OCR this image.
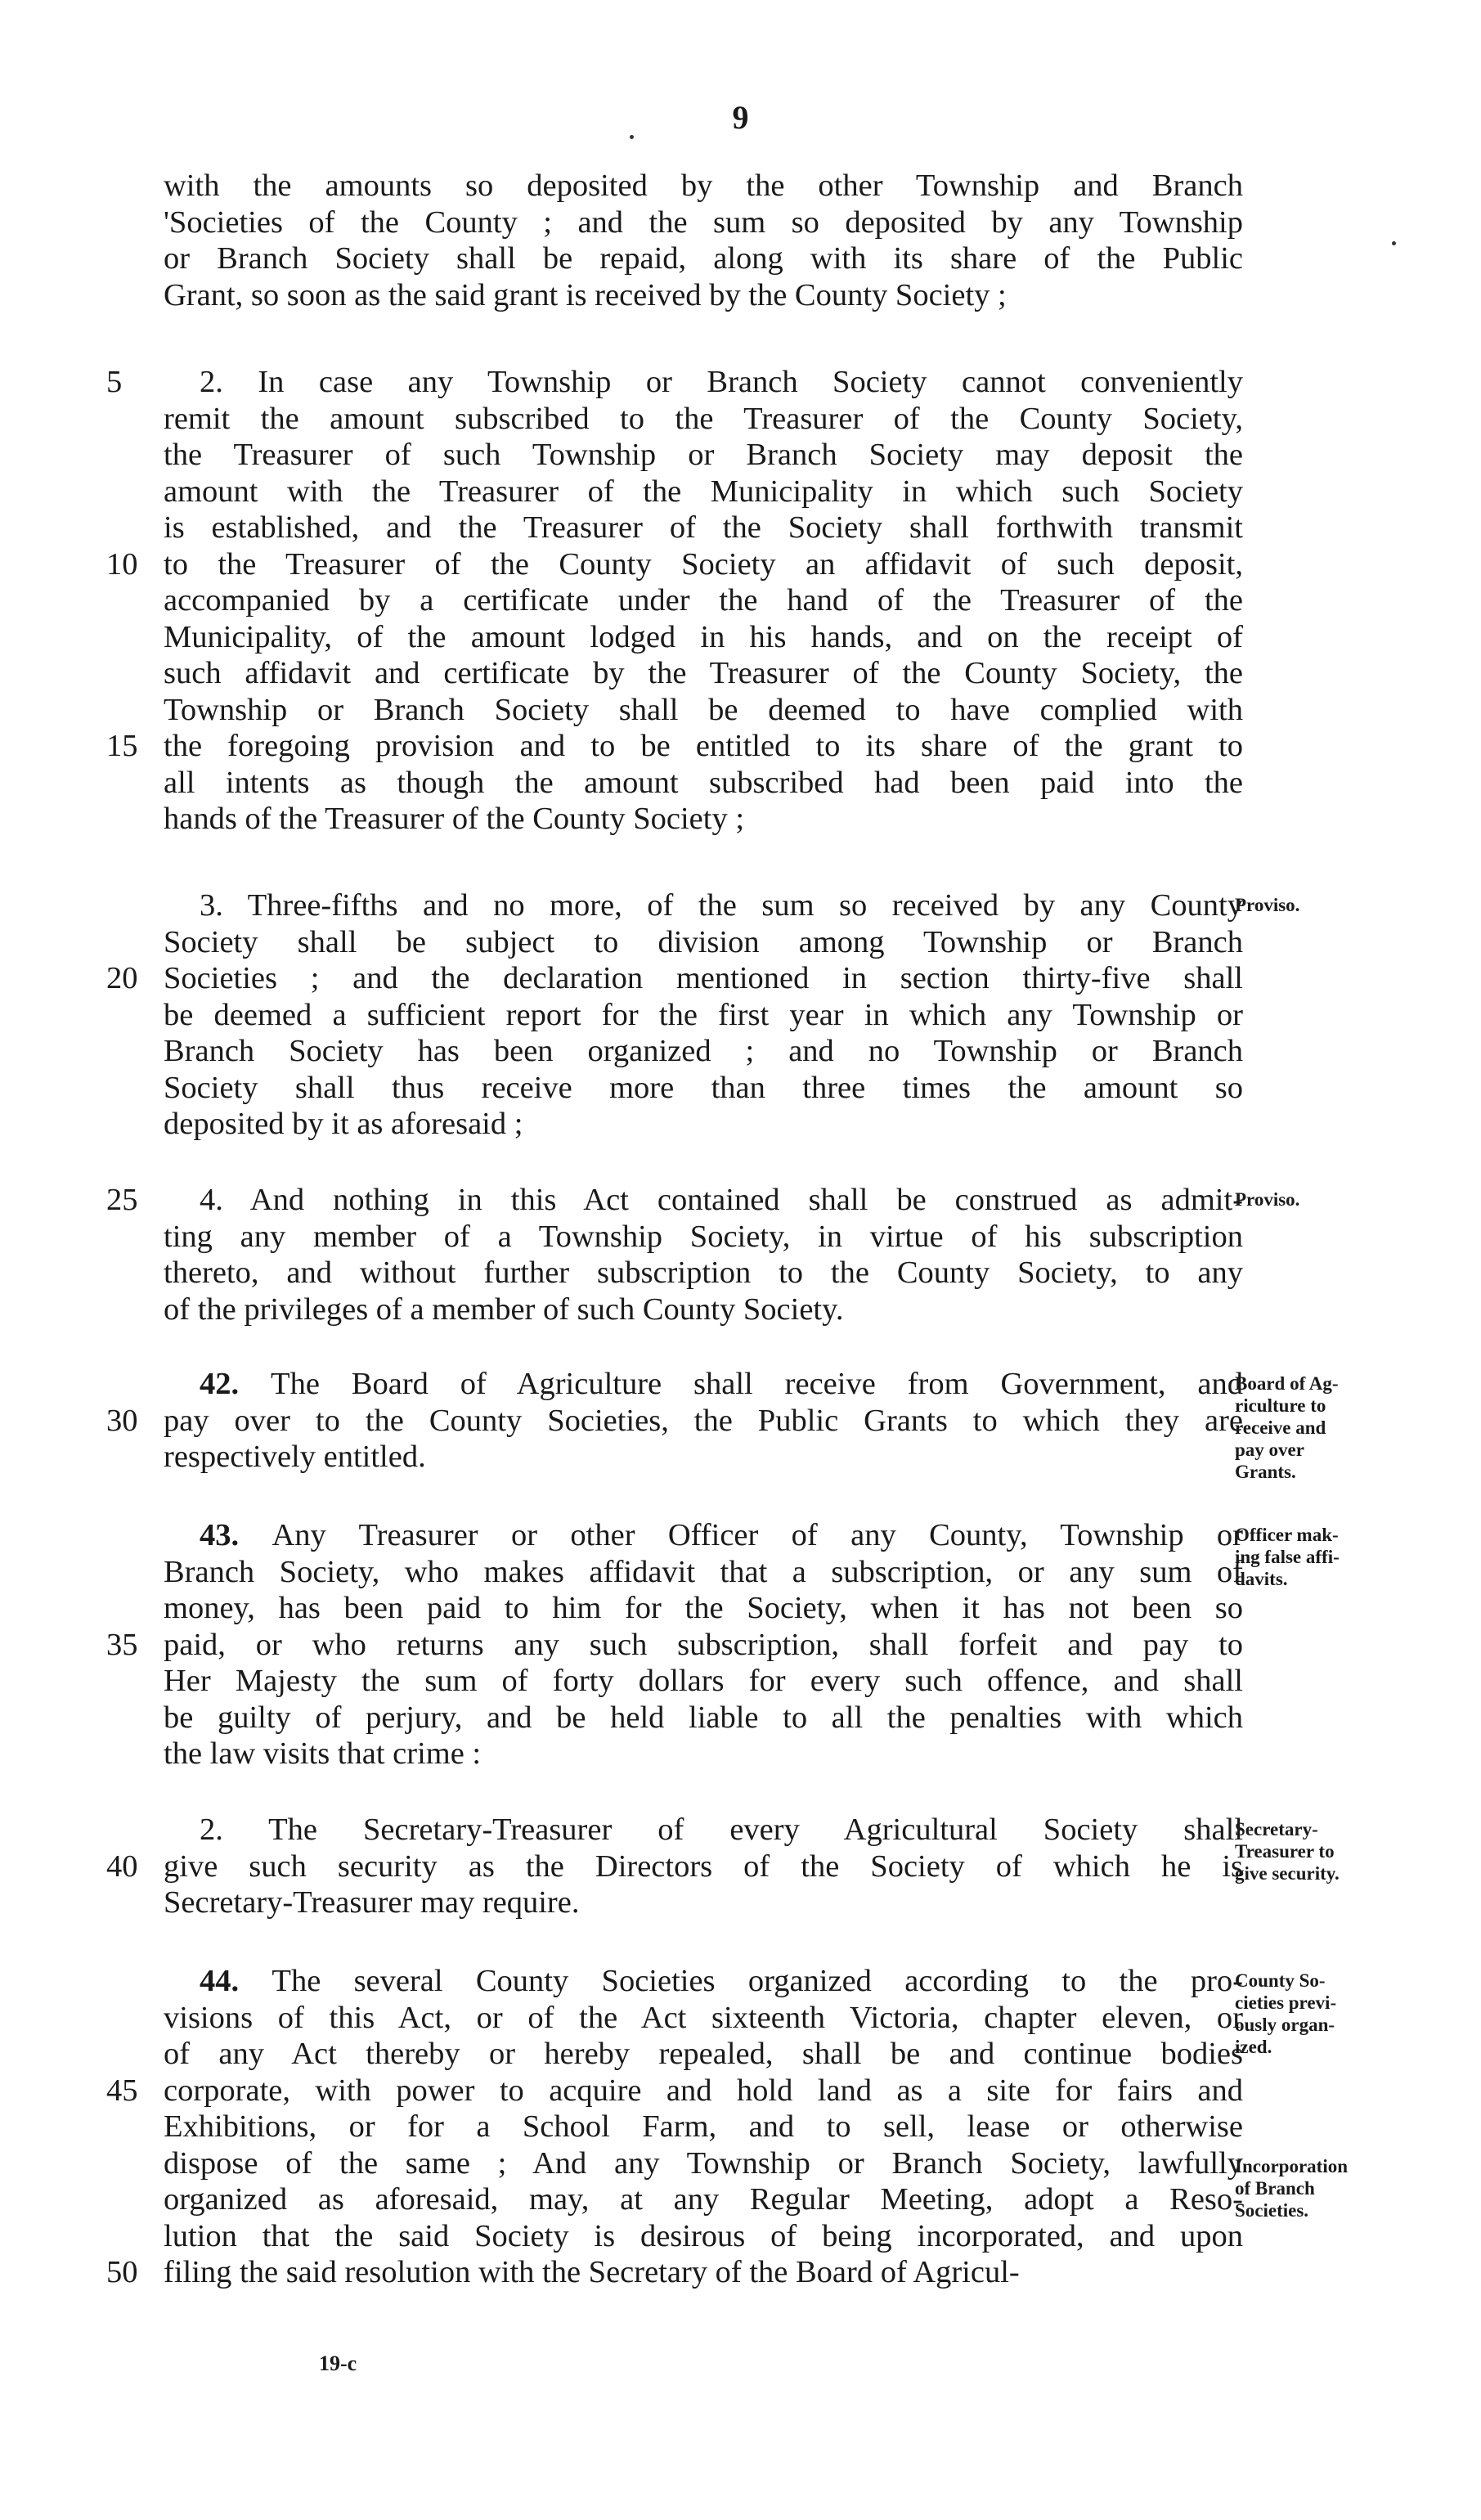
9
with the amounts so deposited by the other Township and Branch
'Societies of the County ; and the sum so deposited by any Township
or Branch Society shall be repaid, along with its share of the Public
Grant, so soon as the said grant is received by the County Society ;
5	2. In case any Township or Branch Society cannot conveniently
remit the amount subscribed to the Treasurer of the County Society,
the Treasurer of such Township or Branch Society may deposit the
amount with the Treasurer of the Municipality in which such Society
is established, and the Treasurer of the Society shall forthwith transmit
10 to the Treasurer of the County Society an affidavit of such deposit,
accompanied by a certificate under the hand of the Treasurer of the
Municipality, of the amount lodged in his hands, and on the receipt of
such affidavit and certificate by the Treasurer of the County Society, the
Township or Branch Society shall be deemed to have complied with
15 the foregoing provision and to be entitled to its share of the grant to
all intents as though the amount subscribed had been paid into the
hands of the Treasurer of the County Society ;
3. Three-fifths and no more, of the sum so received by any County
Society shall be subject to division among Township or Branch
20 Societies ; and the declaration mentioned in section thirty-five shall
be deemed a sufficient report for the first year in which any Township or
Branch Society has been organized ; and no Township or Branch
Society shall thus receive more than three times the amount so
deposited by it as aforesaid ;
Proviso.
25	4. And nothing in this Act contained shall be construed as admit-
ting any member of a Township Society, in virtue of his subscription
thereto, and without further subscription to the County Society, to any
of the privileges of a member of such County Society.
Proviso.
42. The Board of Agriculture shall receive from Government, and
30 pay over to the County Societies, the Public Grants to which they are
respectively entitled.
Board of Ag-
riculture to
receive and
pay over
Grants.
43. Any Treasurer or other Officer of any County, Township or
Branch Society, who makes affidavit that a subscription, or any sum of
money, has been paid to him for the Society, when it has not been so
35 paid, or who returns any such subscription, shall forfeit and pay to
Her Majesty the sum of forty dollars for every such offence, and shall
be guilty of perjury, and be held liable to all the penalties with which
the law visits that crime :
Officer mak-
ing false affi-
davits.
2. The Secretary-Treasurer of every Agricultural Society shall
40 give such security as the Directors of the Society of which he is
Secretary-Treasurer may require.
Secretary-
Treasurer to
give security.
44. The several County Societies organized according to the pro-
visions of this Act, or of the Act sixteenth Victoria, chapter eleven, or
of any Act thereby or hereby repealed, shall be and continue bodies
45 corporate, with power to acquire and hold land as a site for fairs and
Exhibitions, or for a School Farm, and to sell, lease or otherwise
dispose of the same ; And any Township or Branch Society, lawfully
organized as aforesaid, may, at any Regular Meeting, adopt a Reso-
lution that the said Society is desirous of being incorporated, and upon
50 filing the said resolution with the Secretary of the Board of Agricul-
County So-
cieties previ-
ously organ-
ized.
Incorporation
of Branch
Societies.
19-c
